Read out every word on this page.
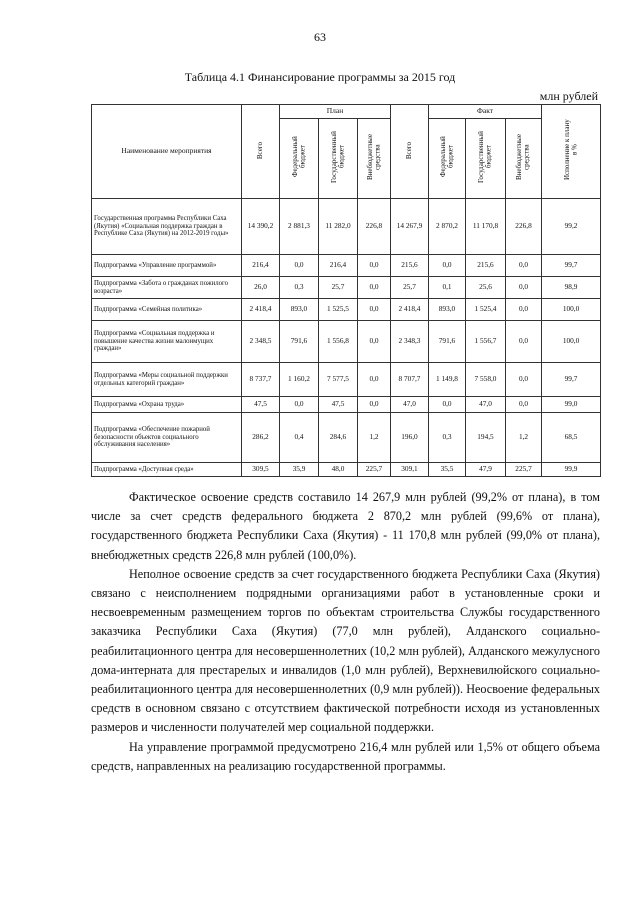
63
Таблица 4.1 Финансирование программы за 2015 год
млн рублей
Наименование мероприятия	Всего	План			Всего	Факт			Исполнение к плану в %
		Федеральный бюджет	Государственный бюджет	Внебюджетные средства		Федеральный бюджет	Государственный бюджет	Внебюджетные средства	
Государственная программа Республики Саха (Якутия) «Социальная поддержка граждан в Республике Саха (Якутия) на 2012-2019 годы»	14 390,2	2 881,3	11 282,0	226,8	14 267,9	2 870,2	11 170,8	226,8	99,2
Подпрограмма «Управление программой»	216,4	0,0	216,4	0,0	215,6	0,0	215,6	0,0	99,7
Подпрограмма «Забота о гражданах пожилого возраста»	26,0	0,3	25,7	0,0	25,7	0,1	25,6	0,0	98,9
Подпрограмма «Семейная политика»	2 418,4	893,0	1 525,5	0,0	2 418,4	893,0	1 525,4	0,0	100,0
Подпрограмма «Социальная поддержка и повышение качества жизни малоимущих граждан»	2 348,5	791,6	1 556,8	0,0	2 348,3	791,6	1 556,7	0,0	100,0
Подпрограмма «Меры социальной поддержки отдельных категорий граждан»	8 737,7	1 160,2	7 577,5	0,0	8 707,7	1 149,8	7 558,0	0,0	99,7
Подпрограмма «Охрана труда»	47,5	0,0	47,5	0,0	47,0	0,0	47,0	0,0	99,0
Подпрограмма «Обеспечение пожарной безопасности объектов социального обслуживания населения»	286,2	0,4	284,6	1,2	196,0	0,3	194,5	1,2	68,5
Подпрограмма «Доступная среда»	309,5	35,9	48,0	225,7	309,1	35,5	47,9	225,7	99,9

Фактическое освоение средств составило 14 267,9 млн рублей (99,2% от плана), в том числе за счет средств федерального бюджета 2 870,2 млн рублей (99,6% от плана), государственного бюджета Республики Саха (Якутия) - 11 170,8 млн рублей (99,0% от плана), внебюджетных средств 226,8 млн рублей (100,0%).

Неполное освоение средств за счет государственного бюджета Республики Саха (Якутия) связано с неисполнением подрядными организациями работ в установленные сроки и несвоевременным размещением торгов по объектам строительства Службы государственного заказчика Республики Саха (Якутия) (77,0 млн рублей), Алданского социально-реабилитационного центра для несовершеннолетних (10,2 млн рублей), Алданского межулусного дома-интерната для престарелых и инвалидов (1,0 млн рублей), Верхневилюйского социально-реабилитационного центра для несовершеннолетних (0,9 млн рублей)). Неосвоение федеральных средств в основном связано с отсутствием фактической потребности исходя из установленных размеров и численности получателей мер социальной поддержки.

На управление программой предусмотрено 216,4 млн рублей или 1,5% от общего объема средств, направленных на реализацию государственной программы.
